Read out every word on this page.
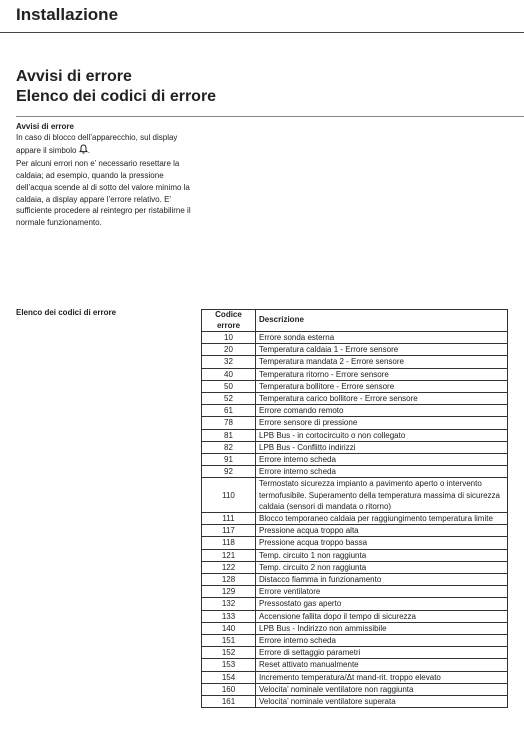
Installazione
Avvisi di errore
Elenco dei codici di errore
Avvisi di errore
In caso di blocco dell’apparecchio, sul display appare il simbolo .
Per alcuni errori non e’ necessario resettare la caldaia; ad esempio, quando la pressione dell’acqua scende al di sotto del valore minimo la caldaia, a display appare l’errore relativo. E’ sufficiente procedere al reintegro per ristabilirne il normale funzionamento.
Elenco dei codici di errore	Codice errore	Descrizione
10	Errore sonda esterna
20	Temperatura caldaia 1 - Errore sensore
32	Temperatura mandata 2 - Errore sensore
40	Temperatura ritorno - Errore sensore
50	Temperatura bollitore - Errore sensore
52	Temperatura carico bollitore - Errore sensore
61	Errore comando remoto
78	Errore sensore di pressione
81	LPB Bus - in cortocircuito o non collegato
82	LPB Bus - Conflitto indirizzi
91	Errore interno scheda
92	Errore interno scheda
110	Termostato sicurezza impianto a pavimento aperto o intervento termofusibile. Superamento della temperatura massima di sicurezza caldaia (sensori di mandata o ritorno)
111	Blocco temporaneo caldaia per raggiungimento temperatura limite
117	Pressione acqua troppo alta
118	Pressione acqua troppo bassa
121	Temp. circuito 1 non raggiunta
122	Temp. circuito 2 non raggiunta
128	Distacco fiamma in funzionamento
129	Errore ventilatore
132	Pressostato gas aperto
133	Accensione fallita dopo il tempo di sicurezza
140	LPB Bus - Indirizzo non ammissibile
151	Errore interno scheda
152	Errore di settaggio parametri
153	Reset attivato manualmente
154	Incremento temperatura/Δt mand-rit. troppo elevato
160	Velocita’ nominale ventilatore non raggiunta
161	Velocita’ nominale ventilatore superata
